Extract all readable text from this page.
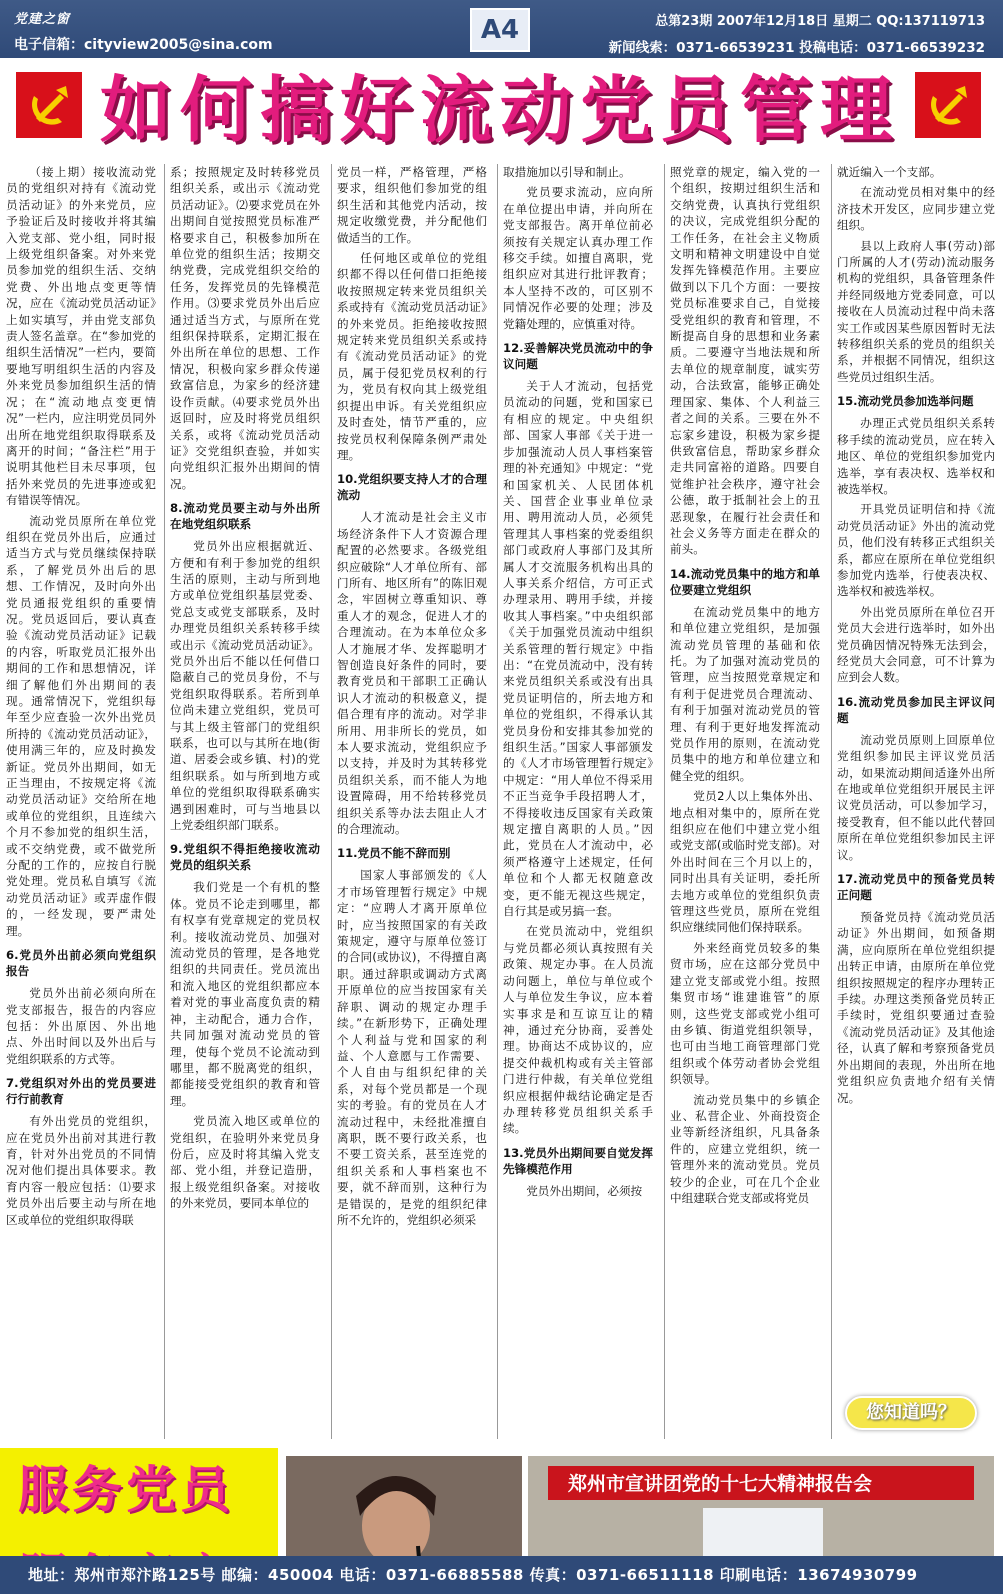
党建之窗
电子信箱：cityview2005@sina.com
总第23期 2007年12月18日 星期二 QQ:137119713
新闻线索：0371-66539231 投稿电话：0371-66539232
A4
如何搞好流动党员管理

（接上期）接收流动党员的党组织对持有《流动党员活动证》的外来党员，应予验证后及时接收并将其编入党支部、党小组，同时报上级党组织备案。对外来党员参加党的组织生活、交纳党费、外出地点变更等情况，应在《流动党员活动证》上如实填写，并由党支部负责人签名盖章。在“参加党的组织生活情况”一栏内，要简要地写明组织生活的内容及外来党员参加组织生活的情况；在“流动地点变更情况”一栏内，应注明党员同外出所在地党组织取得联系及离开的时间；“备注栏”用于说明其他栏目未尽事项，包括外来党员的先进事迹或犯有错误等情况。

流动党员原所在单位党组织在党员外出后，应通过适当方式与党员继续保持联系，了解党员外出后的思想、工作情况，及时向外出党员通报党组织的重要情况。党员返回后，要认真查验《流动党员活动证》记载的内容，听取党员汇报外出期间的工作和思想情况，详细了解他们外出期间的表现。通常情况下，党组织每年至少应查验一次外出党员所持的《流动党员活动证》，使用满三年的，应及时换发新证。党员外出期间，如无正当理由，不按规定将《流动党员活动证》交给所在地或单位的党组织，且连续六个月不参加党的组织生活，或不交纳党费，或不做党所分配的工作的，应按自行脱党处理。党员私自填写《流动党员活动证》或弄虚作假的，一经发现，要严肃处理。

6.党员外出前必须向党组织报告

党员外出前必须向所在党支部报告，报告的内容应包括：外出原因、外出地点、外出时间以及外出后与党组织联系的方式等。

7.党组织对外出的党员要进行行前教育

有外出党员的党组织，应在党员外出前对其进行教育，针对外出党员的不同情况对他们提出具体要求。教育内容一般应包括：⑴要求党员外出后要主动与所在地区或单位的党组织取得联

系；按照规定及时转移党员组织关系，或出示《流动党员活动证》。⑵要求党员在外出期间自觉按照党员标准严格要求自己，积极参加所在单位党的组织生活；按期交纳党费，完成党组织交给的任务，发挥党员的先锋模范作用。⑶要求党员外出后应通过适当方式，与原所在党组织保持联系，定期汇报在外出所在单位的思想、工作情况，积极向家乡群众传递致富信息，为家乡的经济建设作贡献。⑷要求党员外出返回时，应及时将党员组织关系，或将《流动党员活动证》交党组织查验，并如实向党组织汇报外出期间的情况。

8.流动党员要主动与外出所在地党组织联系

党员外出应根据就近、方便和有利于参加党的组织生活的原则，主动与所到地方或单位党组织基层党委、党总支或党支部联系，及时办理党员组织关系转移手续或出示《流动党员活动证》。党员外出后不能以任何借口隐蔽自己的党员身份，不与党组织取得联系。若所到单位尚未建立党组织，党员可与其上级主管部门的党组织联系，也可以与其所在地(街道、居委会或乡镇、村)的党组织联系。如与所到地方或单位的党组织取得联系确实遇到困难时，可与当地县以上党委组织部门联系。

9.党组织不得拒绝接收流动党员的组织关系

我们党是一个有机的整体。党员不论走到哪里，都有权享有党章规定的党员权利。接收流动党员、加强对流动党员的管理，是各地党组织的共同责任。党员流出和流入地区的党组织都应本着对党的事业高度负责的精神，主动配合，通力合作，共同加强对流动党员的管理，使每个党员不论流动到哪里，都不脱离党的组织，都能接受党组织的教育和管理。

党员流入地区或单位的党组织，在验明外来党员身份后，应及时将其编入党支部、党小组，并登记造册，报上级党组织备案。对接收的外来党员，要同本单位的

党员一样，严格管理，严格要求，组织他们参加党的组织生活和其他党内活动，按规定收缴党费，并分配他们做适当的工作。

任何地区或单位的党组织都不得以任何借口拒绝接收按照规定转来党员组织关系或持有《流动党员活动证》的外来党员。拒绝接收按照规定转来党员组织关系或持有《流动党员活动证》的党员，属于侵犯党员权利的行为，党员有权向其上级党组织提出申诉。有关党组织应及时查处，情节严重的，应按党员权利保障条例严肃处理。

10.党组织要支持人才的合理流动

人才流动是社会主义市场经济条件下人才资源合理配置的必然要求。各级党组织应破除“人才单位所有、部门所有、地区所有”的陈旧观念，牢固树立尊重知识、尊重人才的观念，促进人才的合理流动。在为本单位众多人才施展才华、发挥聪明才智创造良好条件的同时，要教育党员和干部职工正确认识人才流动的积极意义，提倡合理有序的流动。对学非所用、用非所长的党员，如本人要求流动，党组织应予以支持，并及时为其转移党员组织关系，而不能人为地设置障碍，用不给转移党员组织关系等办法去阻止人才的合理流动。

11.党员不能不辞而别

国家人事部颁发的《人才市场管理暂行规定》中规定：“应聘人才离开原单位时，应当按照国家的有关政策规定，遵守与原单位签订的合同(或协议)，不得擅自离职。通过辞职或调动方式离开原单位的应当按国家有关辞职、调动的规定办理手续。”在新形势下，正确处理个人利益与党和国家的利益、个人意愿与工作需要、个人自由与组织纪律的关系，对每个党员都是一个现实的考验。有的党员在人才流动过程中，未经批准擅自离职，既不要行政关系，也不要工资关系，甚至连党的组织关系和人事档案也不要，就不辞而别，这种行为是错误的，是党的组织纪律所不允许的，党组织必须采

取措施加以引导和制止。

党员要求流动，应向所在单位提出申请，并向所在党支部报告。离开单位前必须按有关规定认真办理工作移交手续。如擅自离职，党组织应对其进行批评教育；本人坚持不改的，可区别不同情况作必要的处理；涉及党籍处理的，应慎重对待。

12.妥善解决党员流动中的争议问题

关于人才流动，包括党员流动的问题，党和国家已有相应的规定。中央组织部、国家人事部《关于进一步加强流动人员人事档案管理的补充通知》中规定：“党和国家机关、人民团体机关、国营企业事业单位录用、聘用流动人员，必须凭管理其人事档案的党委组织部门或政府人事部门及其所属人才交流服务机构出具的人事关系介绍信，方可正式办理录用、聘用手续，并接收其人事档案。”中央组织部《关于加强党员流动中组织关系管理的暂行规定》中指出：“在党员流动中，没有转来党员组织关系或没有出具党员证明信的，所去地方和单位的党组织，不得承认其党员身份和安排其参加党的组织生活。”国家人事部颁发的《人才市场管理暂行规定》中规定：“用人单位不得采用不正当竞争手段招聘人才，不得接收违反国家有关政策规定擅自离职的人员。”因此，党员在人才流动中，必须严格遵守上述规定，任何单位和个人都无权随意改变，更不能无视这些规定，自行其是或另搞一套。

在党员流动中，党组织与党员都必须认真按照有关政策、规定办事。在人员流动问题上，单位与单位或个人与单位发生争议，应本着实事求是和互谅互让的精神，通过充分协商，妥善处理。协商达不成协议的，应提交仲裁机构或有关主管部门进行仲裁，有关单位党组织应根据仲裁结论确定是否办理转移党员组织关系手续。

13.党员外出期间要自觉发挥先锋模范作用

党员外出期间，必须按

照党章的规定，编入党的一个组织，按期过组织生活和交纳党费，认真执行党组织的决议，完成党组织分配的工作任务，在社会主义物质文明和精神文明建设中自觉发挥先锋模范作用。主要应做到以下几个方面：一要按党员标准要求自己，自觉接受党组织的教育和管理，不断提高自身的思想和业务素质。二要遵守当地法规和所去单位的规章制度，诚实劳动，合法致富，能够正确处理国家、集体、个人利益三者之间的关系。三要在外不忘家乡建设，积极为家乡提供致富信息，帮助家乡群众走共同富裕的道路。四要自觉维护社会秩序，遵守社会公德，敢于抵制社会上的丑恶现象，在履行社会责任和社会义务等方面走在群众的前头。

14.流动党员集中的地方和单位要建立党组织

在流动党员集中的地方和单位建立党组织，是加强流动党员管理的基础和依托。为了加强对流动党员的管理，应当按照党章规定和有利于促进党员合理流动、有利于加强对流动党员的管理、有利于更好地发挥流动党员作用的原则，在流动党员集中的地方和单位建立和健全党的组织。

党员2人以上集体外出、地点相对集中的，原所在党组织应在他们中建立党小组或党支部(或临时党支部)。对外出时间在三个月以上的，同时出具有关证明，委托所去地方或单位的党组织负责管理这些党员，原所在党组织应继续同他们保持联系。

外来经商党员较多的集贸市场，应在这部分党员中建立党支部或党小组。按照集贸市场“谁建谁管”的原则，这些党支部或党小组可由乡镇、街道党组织领导，也可由当地工商管理部门党组织或个体劳动者协会党组织领导。

流动党员集中的乡镇企业、私营企业、外商投资企业等新经济组织，凡具备条件的，应建立党组织，统一管理外来的流动党员。党员较少的企业，可在几个企业中组建联合党支部或将党员

就近编入一个支部。

在流动党员相对集中的经济技术开发区，应同步建立党组织。

县以上政府人事(劳动)部门所属的人才(劳动)流动服务机构的党组织，具备管理条件并经同级地方党委同意，可以接收在人员流动过程中尚未落实工作或因某些原因暂时无法转移组织关系的党员的组织关系，并根据不同情况，组织这些党员过组织生活。

15.流动党员参加选举问题

办理正式党员组织关系转移手续的流动党员，应在转入地区、单位的党组织参加党内选举，享有表决权、选举权和被选举权。

开具党员证明信和持《流动党员活动证》外出的流动党员，他们没有转移正式组织关系，都应在原所在单位党组织参加党内选举，行使表决权、选举权和被选举权。

外出党员原所在单位召开党员大会进行选举时，如外出党员确因情况特殊无法到会，经党员大会同意，可不计算为应到会人数。

16.流动党员参加民主评议问题

流动党员原则上回原单位党组织参加民主评议党员活动，如果流动期间适逢外出所在地或单位党组织开展民主评议党员活动，可以参加学习，接受教育，但不能以此代替回原所在单位党组织参加民主评议。

17.流动党员中的预备党员转正问题

预备党员持《流动党员活动证》外出期间，如预备期满，应向原所在单位党组织提出转正申请，由原所在单位党组织按照规定的程序办理转正手续。办理这类预备党员转正手续时，党组织要通过查验《流动党员活动证》及其他途径，认真了解和考察预备党员外出期间的表现，外出所在地党组织应负责地介绍有关情况。

您知道吗？
服务党员	郑州市宣讲团党的十七大精神报告会
地址：郑州市郑汴路125号 邮编：450004 电话：0371-66885588 传真：0371-66511118 印刷电话：13674930799
